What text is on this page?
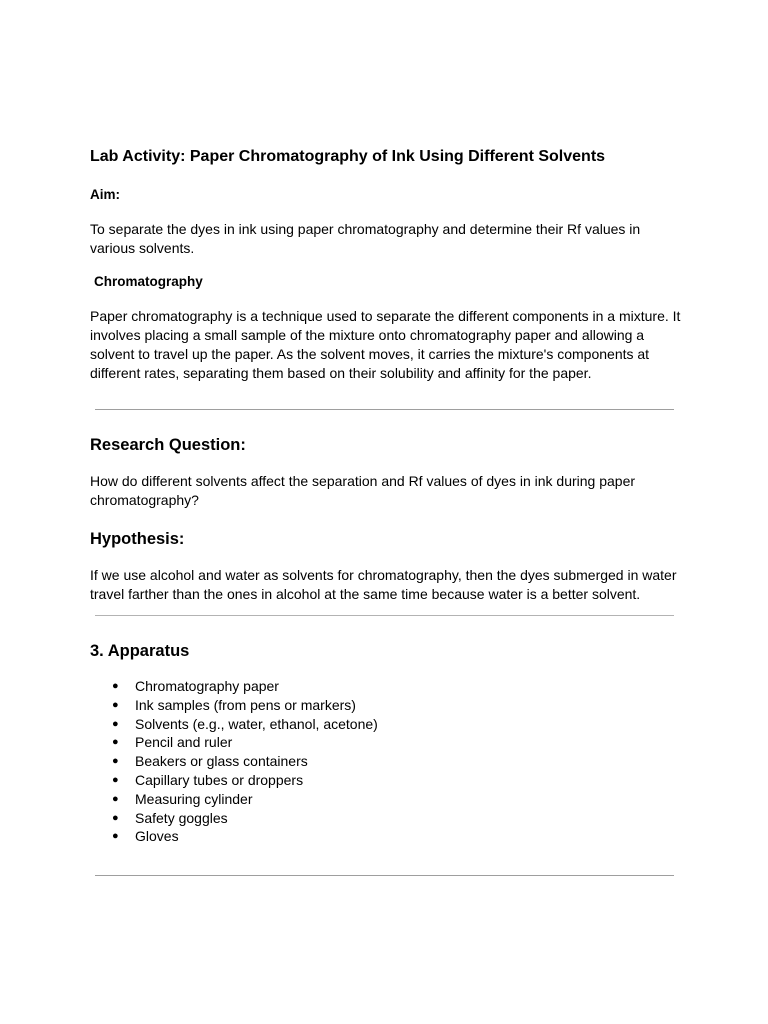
Lab Activity: Paper Chromatography of Ink Using Different Solvents
Aim:

To separate the dyes in ink using paper chromatography and determine their Rf values in various solvents.

Chromatography

Paper chromatography is a technique used to separate the different components in a mixture. It involves placing a small sample of the mixture onto chromatography paper and allowing a solvent to travel up the paper. As the solvent moves, it carries the mixture's components at different rates, separating them based on their solubility and affinity for the paper.

Research Question:

How do different solvents affect the separation and Rf values of dyes in ink during paper chromatography?

Hypothesis:

If we use alcohol and water as solvents for chromatography, then the dyes submerged in water travel farther than the ones in alcohol at the same time because water is a better solvent.

3. Apparatus
● Chromatography paper
● Ink samples (from pens or markers)
● Solvents (e.g., water, ethanol, acetone)
● Pencil and ruler
● Beakers or glass containers
● Capillary tubes or droppers
● Measuring cylinder
● Safety goggles
● Gloves
